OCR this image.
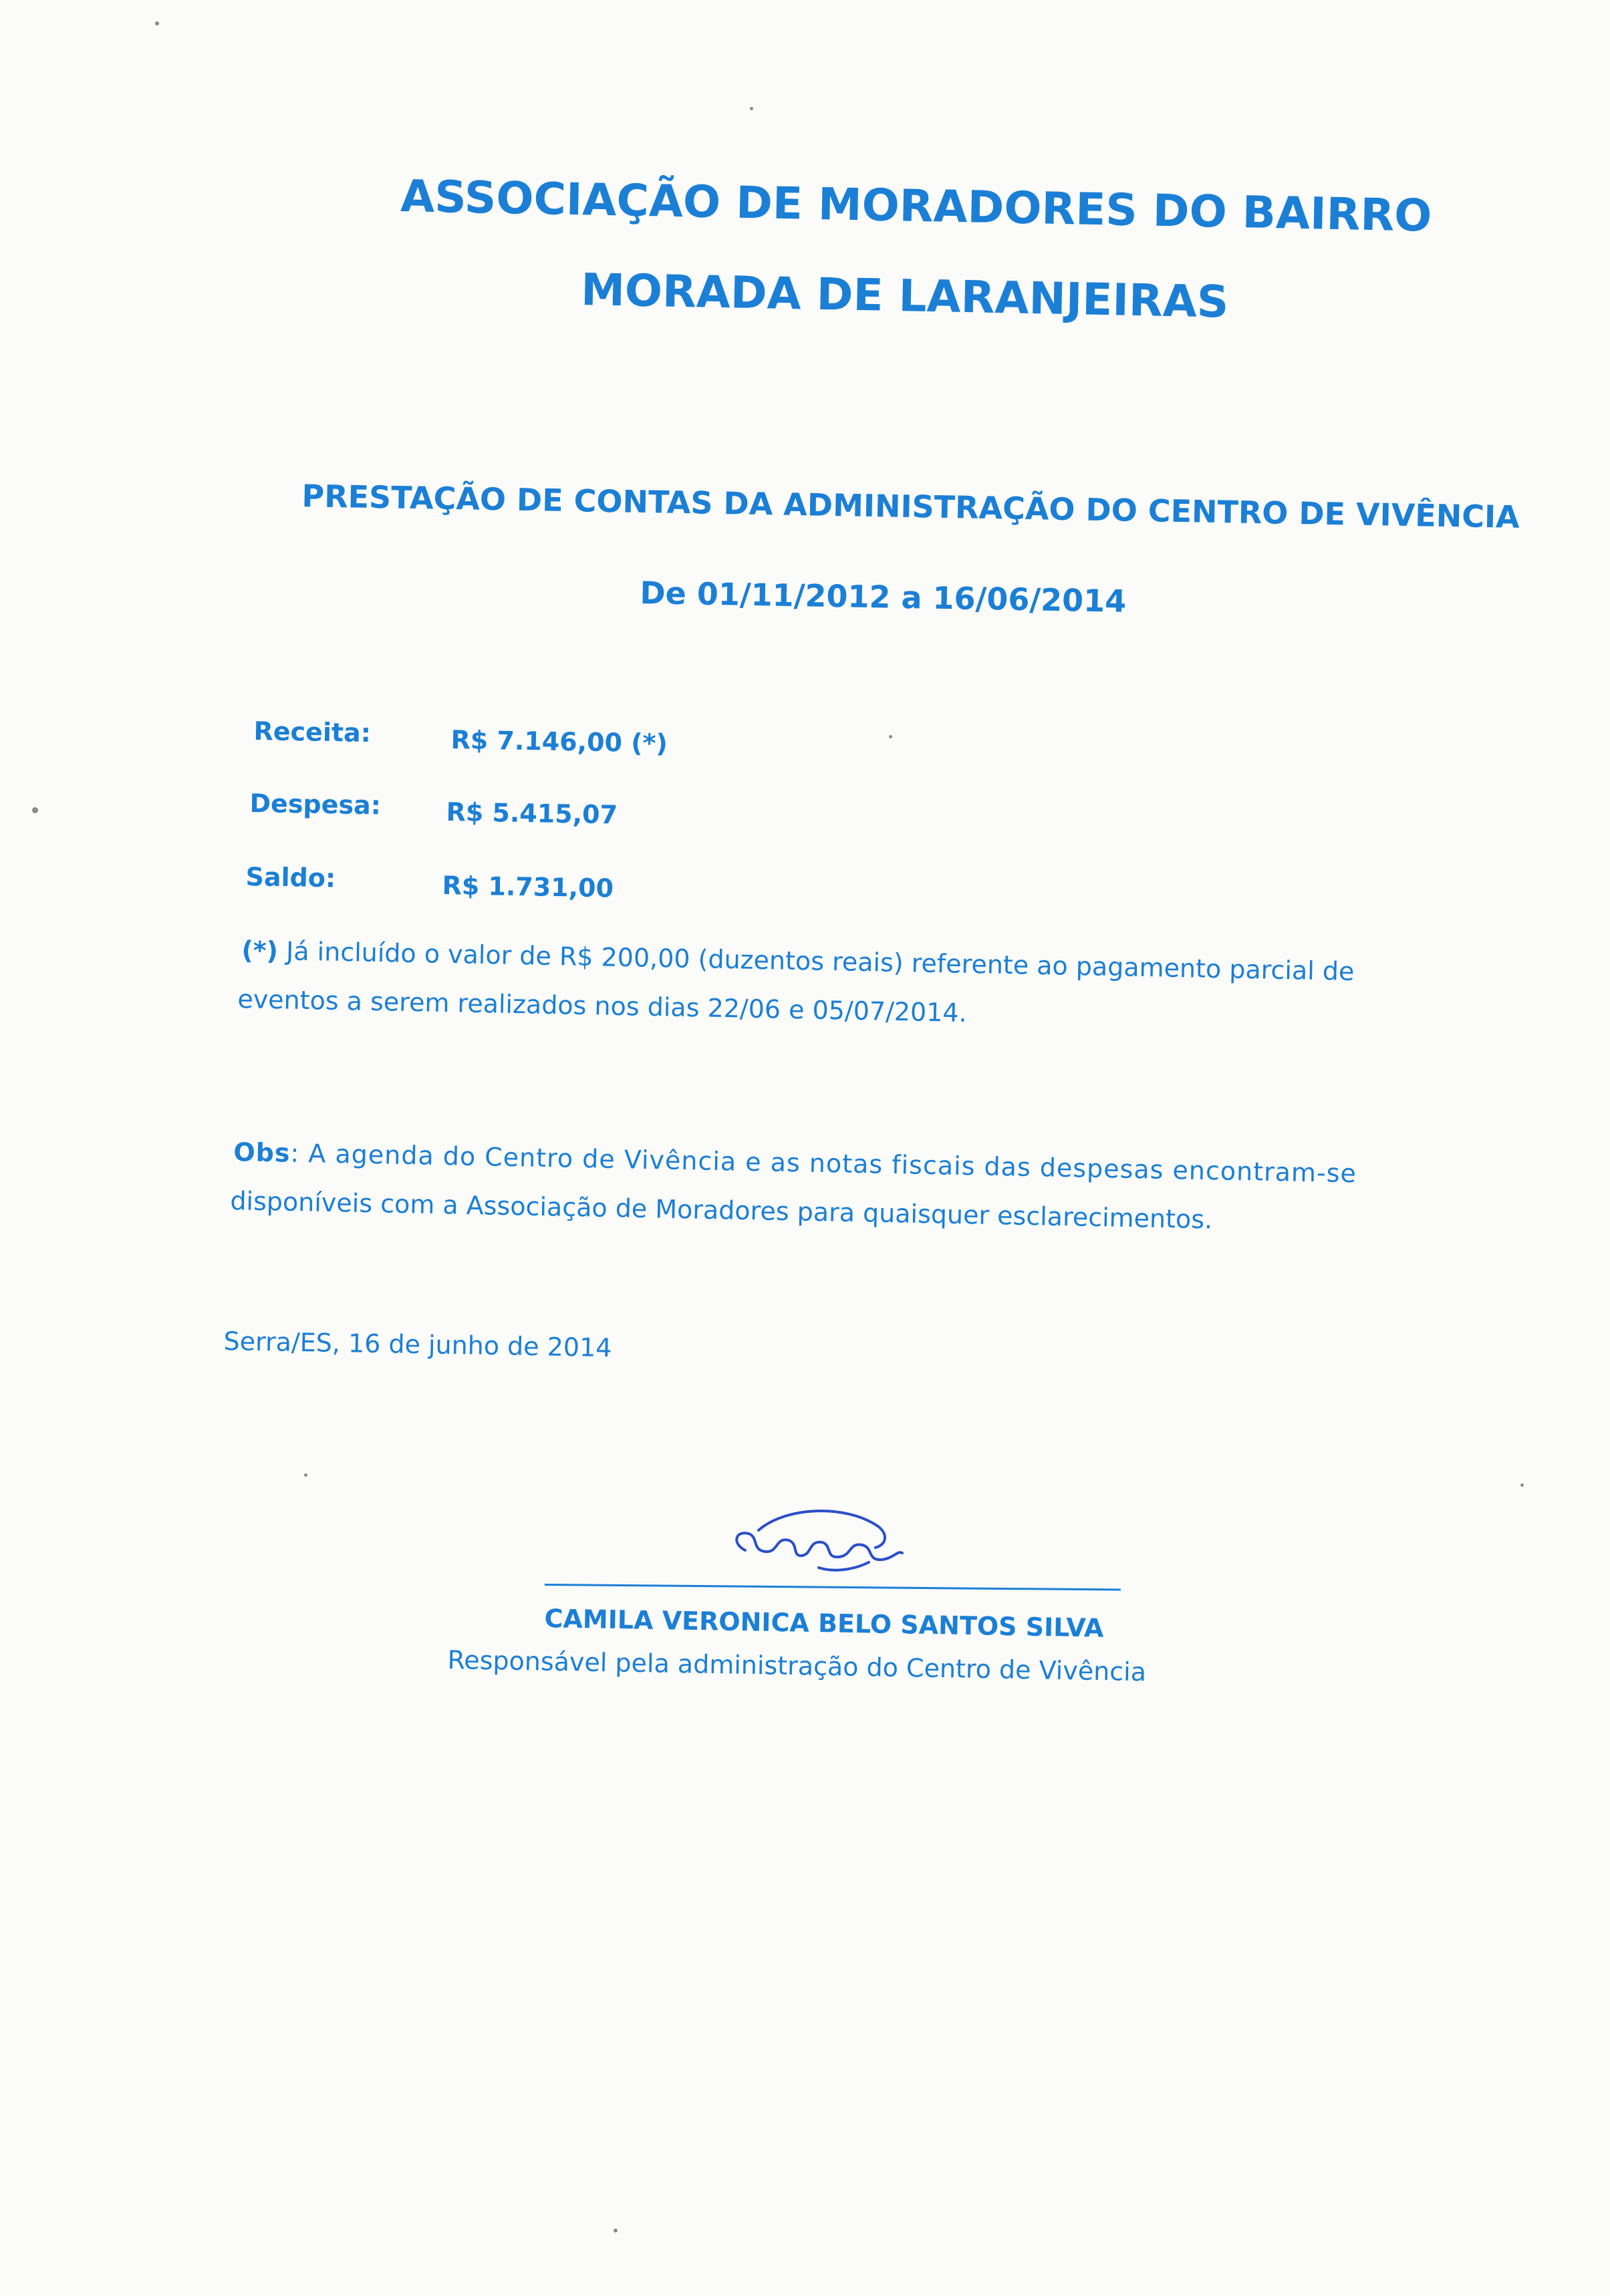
ASSOCIAÇÃO DE MORADORES DO BAIRRO
MORADA DE LARANJEIRAS
PRESTAÇÃO DE CONTAS DA ADMINISTRAÇÃO DO CENTRO DE VIVÊNCIA
De 01/11/2012 a 16/06/2014
Receita:	R$ 7.146,00 (*)
Despesa:	R$ 5.415,07
Saldo:	R$ 1.731,00
(*) Já incluído o valor de R$ 200,00 (duzentos reais) referente ao pagamento parcial de
eventos a serem realizados nos dias 22/06 e 05/07/2014.
Obs: A agenda do Centro de Vivência e as notas fiscais das despesas encontram-se
disponíveis com a Associação de Moradores para quaisquer esclarecimentos.
Serra/ES, 16 de junho de 2014
CAMILA VERONICA BELO SANTOS SILVA
Responsável pela administração do Centro de Vivência
